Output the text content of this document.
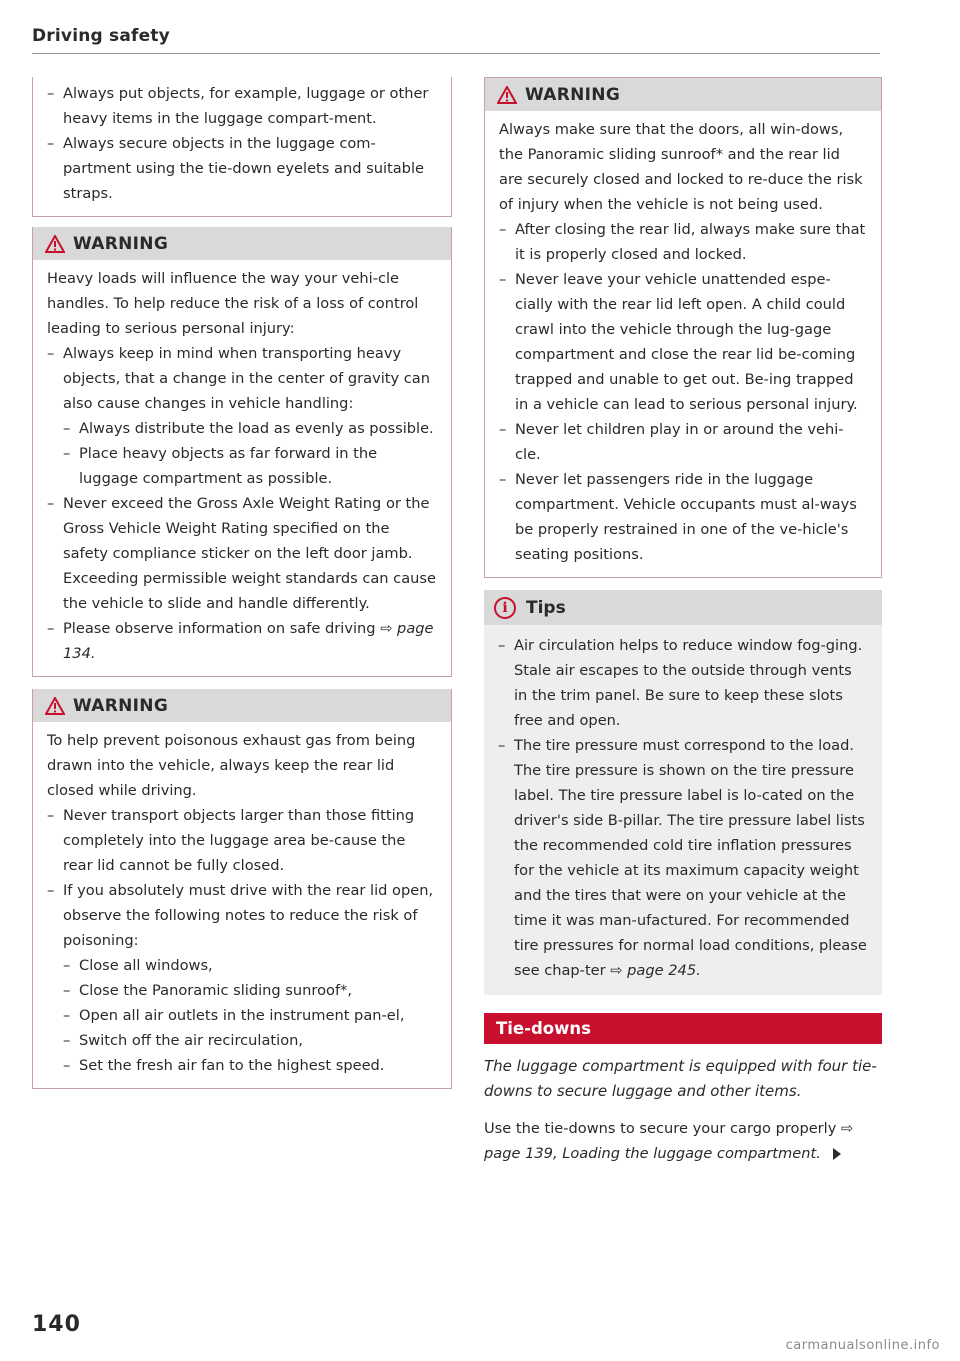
Driving safety
– Always put objects, for example, luggage or other heavy items in the luggage compart-ment.
– Always secure objects in the luggage com-partment using the tie-down eyelets and suitable straps.
WARNING

Heavy loads will influence the way your vehi-cle handles. To help reduce the risk of a loss of control leading to serious personal injury:

– Always keep in mind when transporting heavy objects, that a change in the center of gravity can also cause changes in vehicle handling:
– Always distribute the load as evenly as possible.
– Place heavy objects as far forward in the luggage compartment as possible.
– Never exceed the Gross Axle Weight Rating or the Gross Vehicle Weight Rating specified on the safety compliance sticker on the left door jamb. Exceeding permissible weight standards can cause the vehicle to slide and handle differently.
– Please observe information on safe driving ⇨ page 134.
WARNING

To help prevent poisonous exhaust gas from being drawn into the vehicle, always keep the rear lid closed while driving.

– Never transport objects larger than those fitting completely into the luggage area be-cause the rear lid cannot be fully closed.
– If you absolutely must drive with the rear lid open, observe the following notes to reduce the risk of poisoning:
– Close all windows,
– Close the Panoramic sliding sunroof*,
– Open all air outlets in the instrument pan-el,
– Switch off the air recirculation,
– Set the fresh air fan to the highest speed.
WARNING

Always make sure that the doors, all win-dows, the Panoramic sliding sunroof* and the rear lid are securely closed and locked to re-duce the risk of injury when the vehicle is not being used.

– After closing the rear lid, always make sure that it is properly closed and locked.
– Never leave your vehicle unattended espe-cially with the rear lid left open. A child could crawl into the vehicle through the lug-gage compartment and close the rear lid be-coming trapped and unable to get out. Be-ing trapped in a vehicle can lead to serious personal injury.
– Never let children play in or around the vehi-cle.
– Never let passengers ride in the luggage compartment. Vehicle occupants must al-ways be properly restrained in one of the ve-hicle's seating positions.
i	Tips
– Air circulation helps to reduce window fog-ging. Stale air escapes to the outside through vents in the trim panel. Be sure to keep these slots free and open.
– The tire pressure must correspond to the load. The tire pressure is shown on the tire pressure label. The tire pressure label is lo-cated on the driver's side B-pillar. The tire pressure label lists the recommended cold tire inflation pressures for the vehicle at its maximum capacity weight and the tires that were on your vehicle at the time it was man-ufactured. For recommended tire pressures for normal load conditions, please see chap-ter ⇨ page 245.
Tie-downs

The luggage compartment is equipped with four tie-downs to secure luggage and other items.

Use the tie-downs to secure your cargo properly ⇨ page 139, Loading the luggage compartment.

140
carmanualsonline.info
